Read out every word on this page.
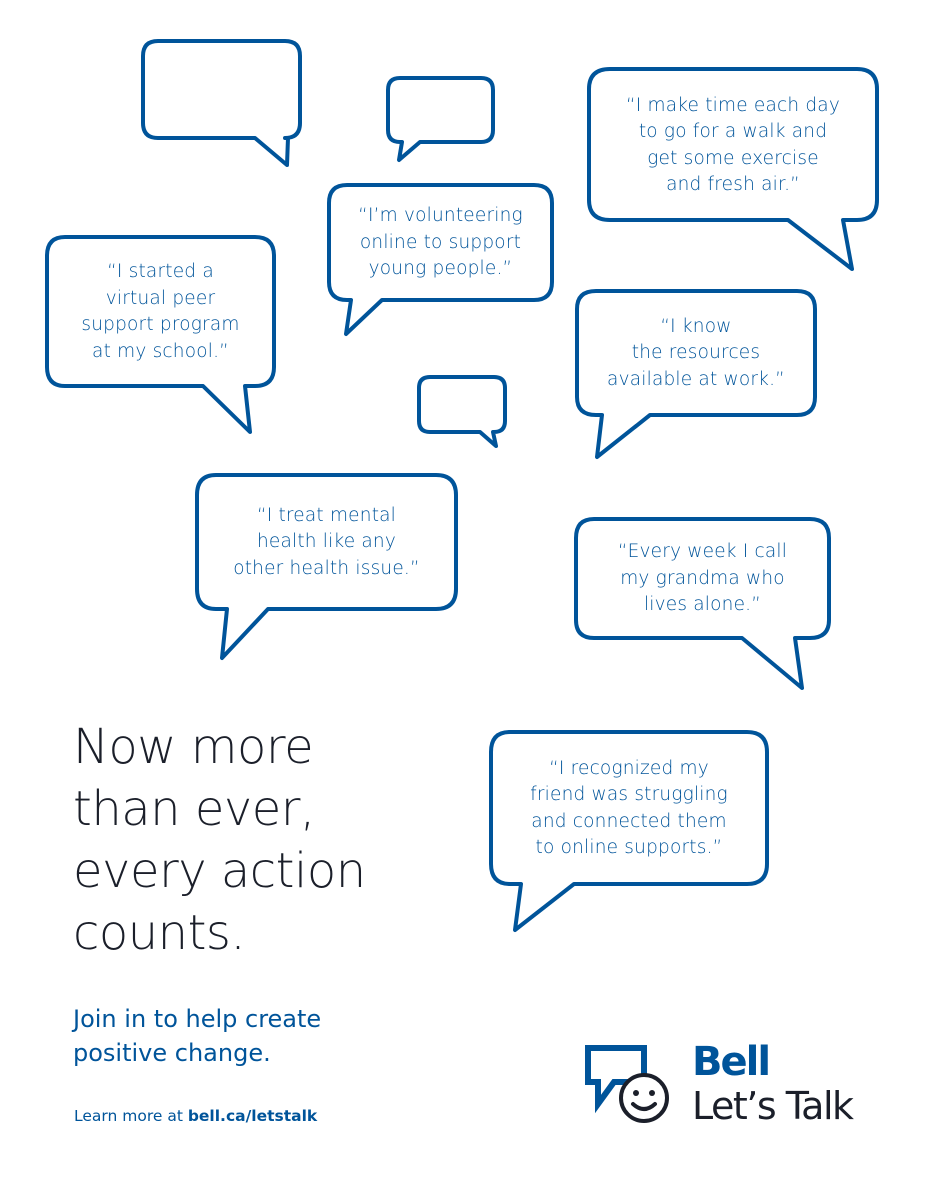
“I make time each day
to go for a walk and
get some exercise
and fresh air.”
“I’m volunteering
online to support
young people.”
“I started a
virtual peer
support program
at my school.”
“I know
the resources
available at work.”
“I treat mental
health like any
other health issue.”
“Every week I call
my grandma who
lives alone.”
“I recognized my
friend was struggling
and connected them
to online supports.”
Now more
than ever,
every action
counts.

Join in to help create
positive change.

Learn more at bell.ca/letstalk
Bell
Let’s Talk
